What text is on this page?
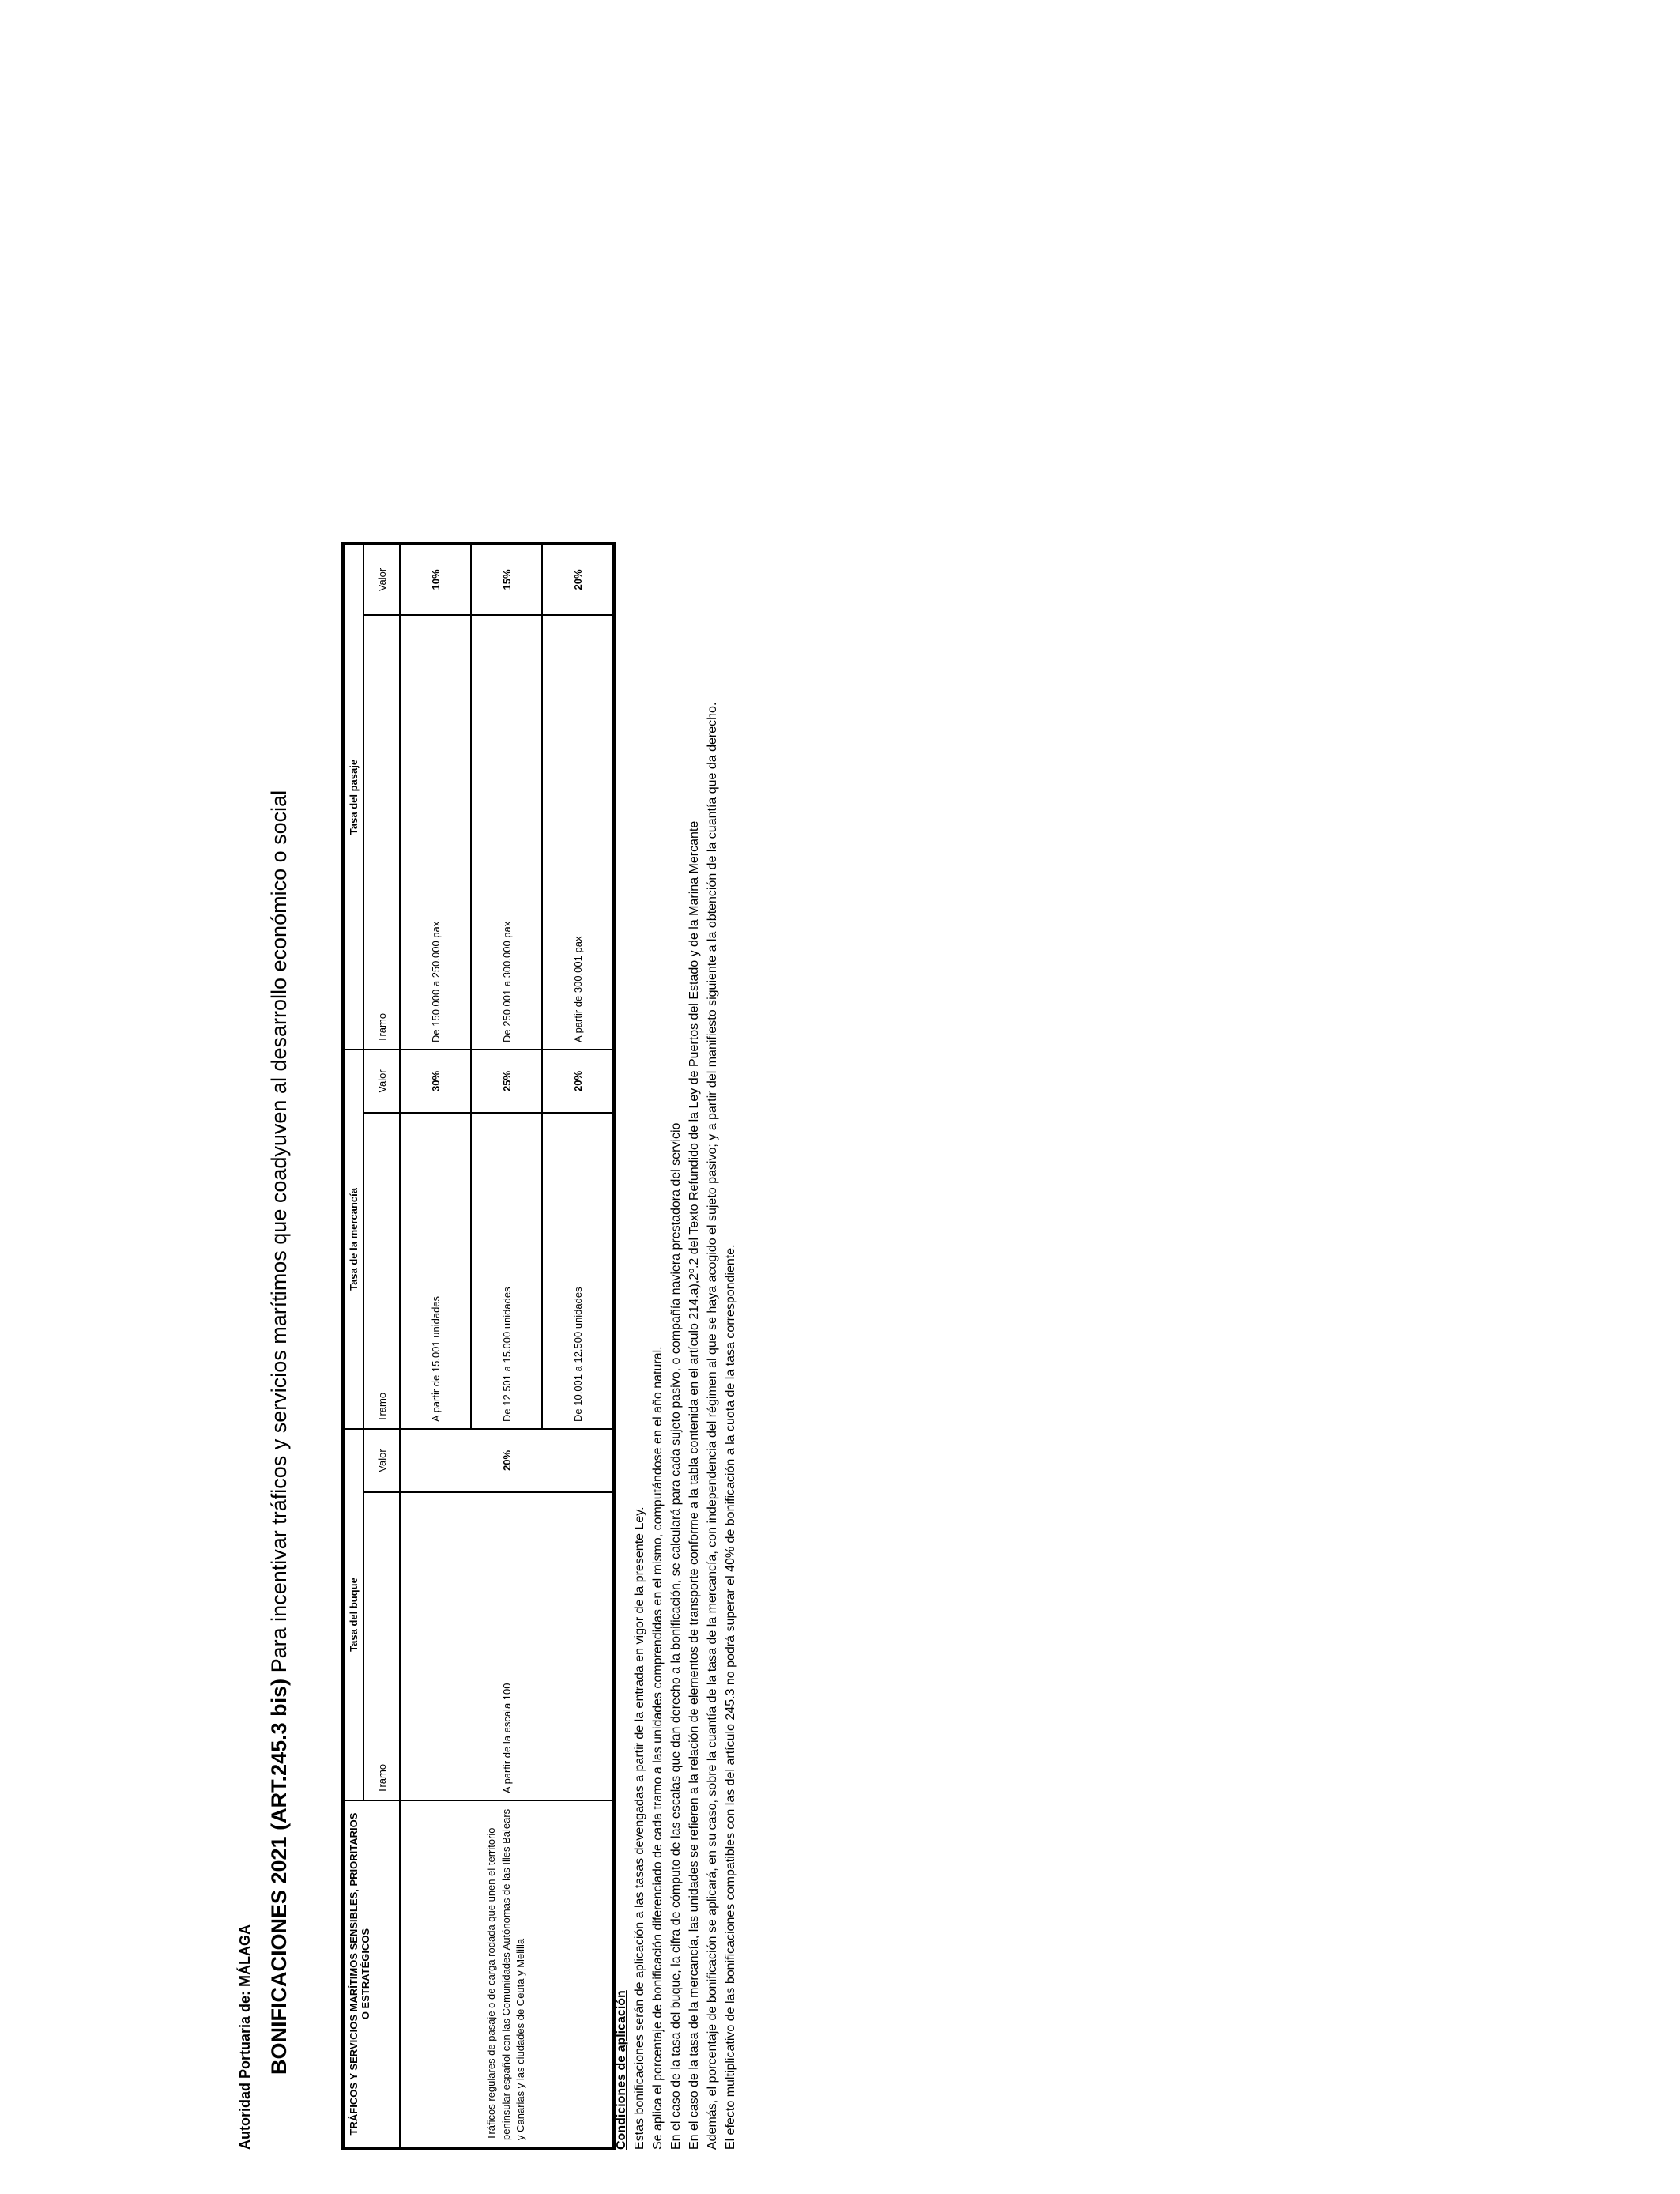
Autoridad Portuaria de: MÁLAGA BONIFICACIONES 2021 (ART.245.3 bis) Para incentivar tráficos y servicios marítimos que coadyuven al desarrollo económico o social
TRÁFICOS Y SERVICIOS MARÍTIMOS SENSIBLES, PRIORITARIOS O ESTRATÉGICOS	Tasa del buque		Tasa de la mercancía		Tasa del pasaje	
	Tramo	Valor	Tramo	Valor	Tramo	Valor
Tráficos regulares de pasaje o de carga rodada que unen el territorio peninsular español con las Comunidades Autónomas de las Illes Balears y Canarias y las ciudades de Ceuta y Melilla	A partir de la escala 100	20%	A partir de 15.001 unidades	30%	De 150.000 a 250.000 pax	10%
			De 12.501 a 15.000 unidades	25%	De 250.001 a 300.000 pax	15%
			De 10.001 a 12.500 unidades	20%	A partir de 300.001 pax	20%
Condiciones de aplicación Estas bonificaciones serán de aplicación a las tasas devengadas a partir de la entrada en vigor de la presente Ley. Se aplica el porcentaje de bonificación diferenciado de cada tramo a las unidades comprendidas en el mismo, computándose en el año natural. En el caso de la tasa del buque, la cifra de cómputo de las escalas que dan derecho a la bonificación, se calculará para cada sujeto pasivo, o compañía naviera prestadora del servicio En el caso de la tasa de la mercancía, las unidades se refieren a la relación de elementos de transporte conforme a la tabla contenida en el artículo 214.a),2º.2 del Texto Refundido de la Ley de Puertos del Estado y de la Marina Mercante Además, el porcentaje de bonificación se aplicará, en su caso, sobre la cuantía de la tasa de la mercancía, con independencia del régimen al que se haya acogido el sujeto pasivo; y a partir del manifiesto siguiente a la obtención de la cuantía que da derecho. El efecto multiplicativo de las bonificaciones compatibles con las del artículo 245.3 no podrá superar el 40% de bonificación a la cuota de la tasa correspondiente.
